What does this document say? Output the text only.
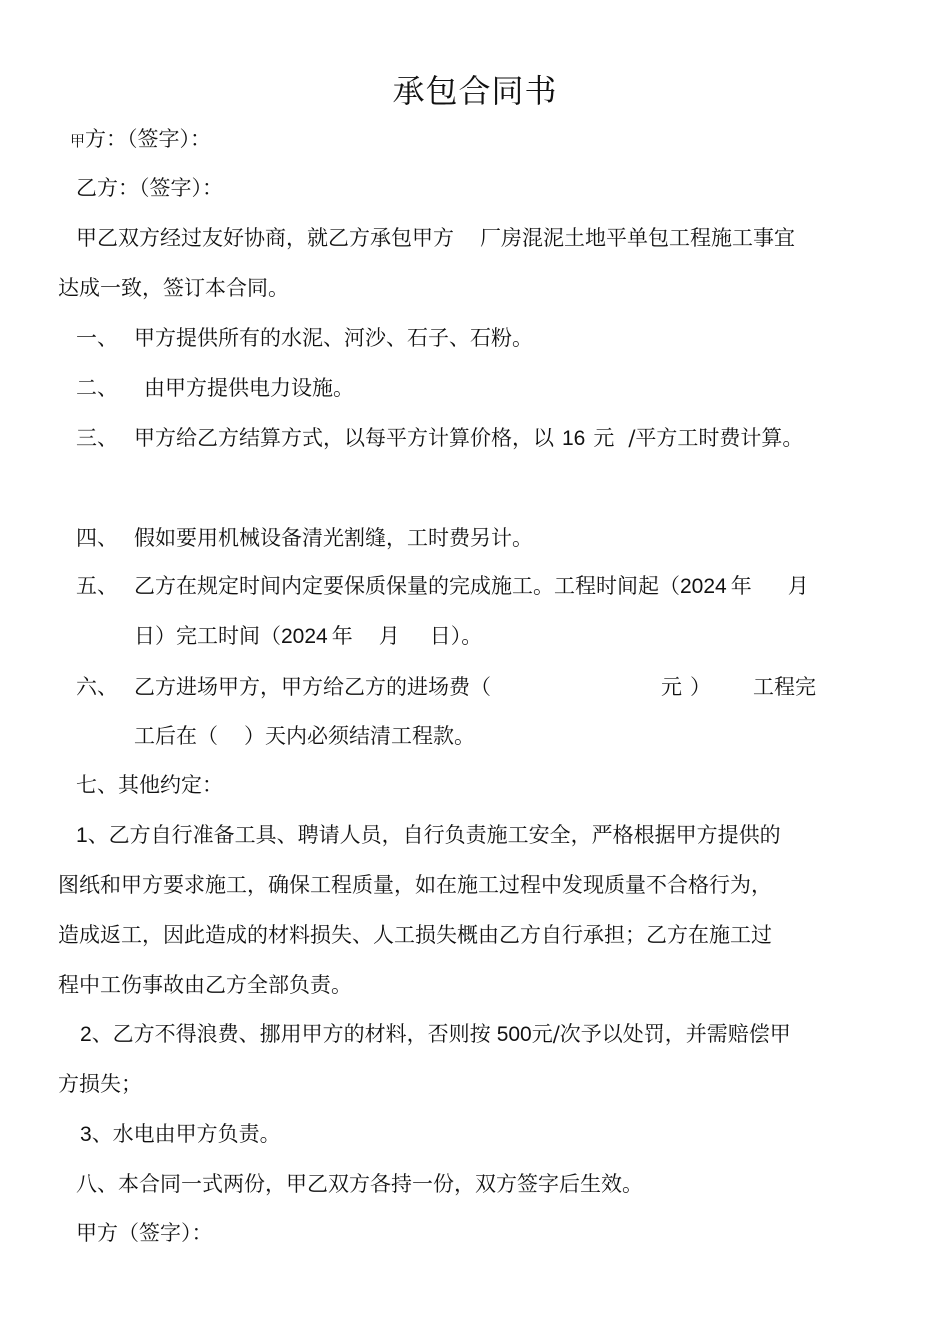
承包合同书
甲方：（签字）：
乙方：（签字）：
甲乙双方经过友好协商，就乙方承包甲方 厂房混泥土地平单包工程施工事宜
达成一致，签订本合同。
一、 甲方提供所有的水泥、河沙、石子、石粉。
二、 由甲方提供电力设施。
三、 甲方给乙方结算方式，以每平方计算价格，以 16 元 /平方工时费计算。
四、 假如要用机械设备清光割缝，工时费另计。
五、 乙方在规定时间内定要保质保量的完成施工。工程时间起（2024 年 月
日）完工时间（2024 年 月 日）。
六、 乙方进场甲方，甲方给乙方的进场费（	元 ） 工程完
工后在（ ）天内必须结清工程款。
七、其他约定：
1、乙方自行准备工具、聘请人员，自行负责施工安全，严格根据甲方提供的
图纸和甲方要求施工，确保工程质量，如在施工过程中发现质量不合格行为，
造成返工，因此造成的材料损失、人工损失概由乙方自行承担；乙方在施工过
程中工伤事故由乙方全部负责。
2、乙方不得浪费、挪用甲方的材料，否则按 500元/次予以处罚，并需赔偿甲
方损失；
3、水电由甲方负责。
八、本合同一式两份，甲乙双方各持一份，双方签字后生效。
甲方（签字）：
